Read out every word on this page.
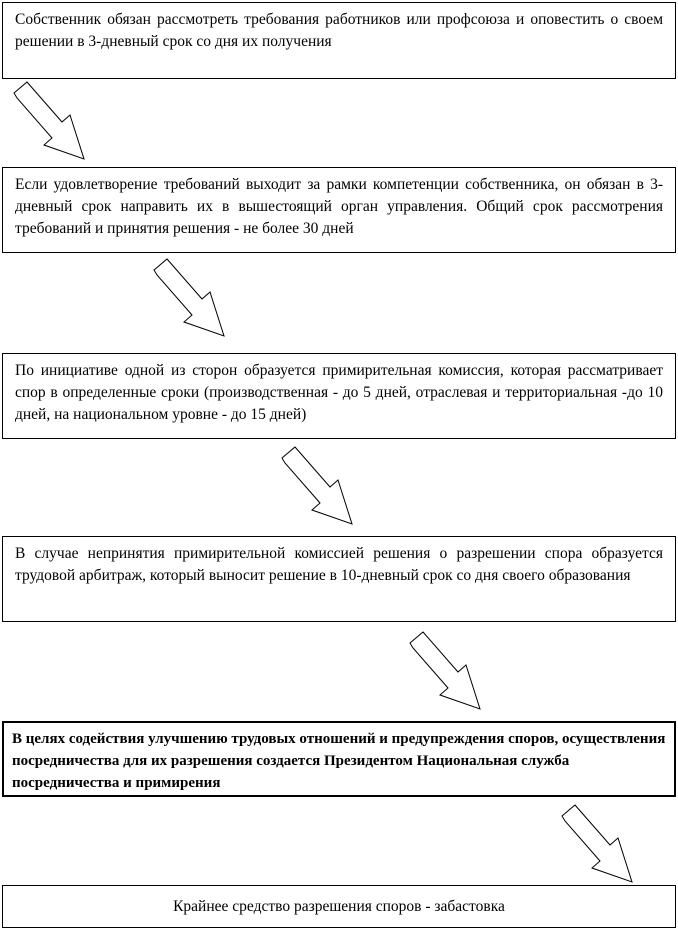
Собственник обязан рассмотреть требования работников или профсоюза и оповестить о своем решении в 3-дневный срок со дня их получения
Если удовлетворение требований выходит за рамки компетенции собственника, он обязан в 3-дневный срок направить их в вышестоящий орган управления. Общий срок рассмотрения требований и принятия решения - не более 30 дней
По инициативе одной из сторон образуется примирительная комиссия, которая рассматривает спор в определенные сроки (производственная - до 5 дней, отраслевая и территориальная -до 10 дней, на национальном уровне - до 15 дней)
В случае непринятия примирительной комиссией решения о разрешении спора образуется трудовой арбитраж, который выносит решение в 10-дневный срок со дня своего образования
В целях содействия улучшению трудовых отношений и предупреждения споров, осуществления посредничества для их разрешения создается Президентом Национальная служба посредничества и примирения
Крайнее средство разрешения споров - забастовка
